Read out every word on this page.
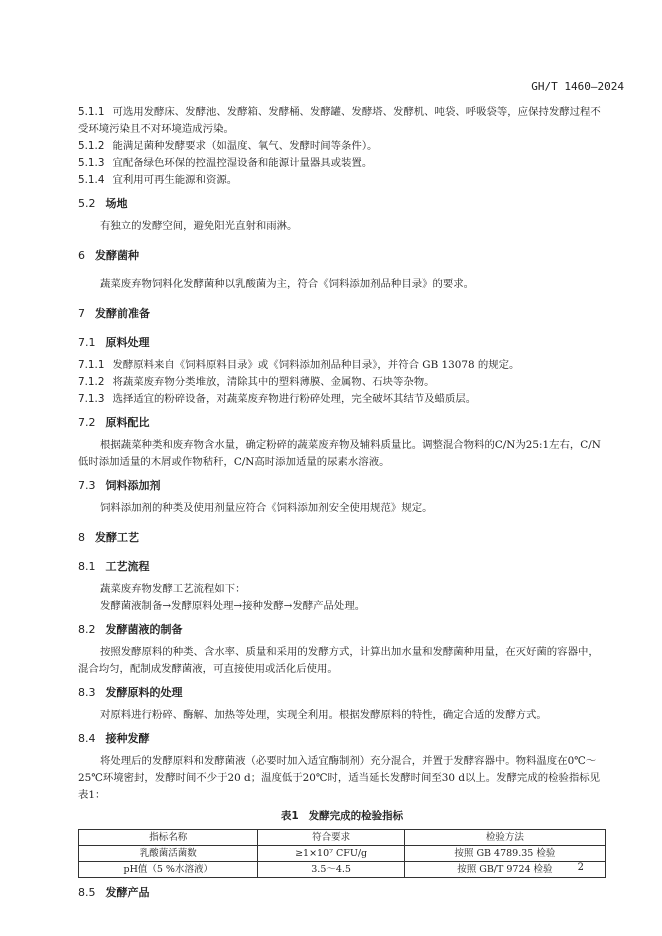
GH/T 1460—2024

5.1.1 可选用发酵床、发酵池、发酵箱、发酵桶、发酵罐、发酵塔、发酵机、吨袋、呼吸袋等，应保持发酵过程不受环境污染且不对环境造成污染。

5.1.2 能满足菌种发酵要求（如温度、氧气、发酵时间等条件）。

5.1.3 宜配备绿色环保的控温控湿设备和能源计量器具或装置。

5.1.4 宜利用可再生能源和资源。

5.2 场地

有独立的发酵空间，避免阳光直射和雨淋。

6 发酵菌种

蔬菜废弃物饲料化发酵菌种以乳酸菌为主，符合《饲料添加剂品种目录》的要求。

7 发酵前准备

7.1 原料处理

7.1.1 发酵原料来自《饲料原料目录》或《饲料添加剂品种目录》，并符合 GB 13078 的规定。

7.1.2 将蔬菜废弃物分类堆放，清除其中的塑料薄膜、金属物、石块等杂物。

7.1.3 选择适宜的粉碎设备，对蔬菜废弃物进行粉碎处理，完全破坏其结节及蜡质层。

7.2 原料配比

根据蔬菜种类和废弃物含水量，确定粉碎的蔬菜废弃物及辅料质量比。调整混合物料的C/N为25:1左右，C/N低时添加适量的木屑或作物秸秆，C/N高时添加适量的尿素水溶液。

7.3 饲料添加剂

饲料添加剂的种类及使用剂量应符合《饲料添加剂安全使用规范》规定。

8 发酵工艺

8.1 工艺流程

蔬菜废弃物发酵工艺流程如下：

发酵菌液制备→发酵原料处理→接种发酵→发酵产品处理。

8.2 发酵菌液的制备

按照发酵原料的种类、含水率、质量和采用的发酵方式，计算出加水量和发酵菌种用量，在灭好菌的容器中，混合均匀，配制成发酵菌液，可直接使用或活化后使用。

8.3 发酵原料的处理

对原料进行粉碎、酶解、加热等处理，实现全利用。根据发酵原料的特性，确定合适的发酵方式。

8.4 接种发酵

将处理后的发酵原料和发酵菌液（必要时加入适宜酶制剂）充分混合，并置于发酵容器中。物料温度在0℃～25℃环境密封，发酵时间不少于20 d；温度低于20℃时，适当延长发酵时间至30 d以上。发酵完成的检验指标见表1：

表1 发酵完成的检验指标
指标名称	符合要求	检验方法
乳酸菌活菌数	≥1×10⁷ CFU/g	按照 GB 4789.35 检验
pH值（5 %水溶液）	3.5～4.5	按照 GB/T 9724 检验

8.5 发酵产品

2
